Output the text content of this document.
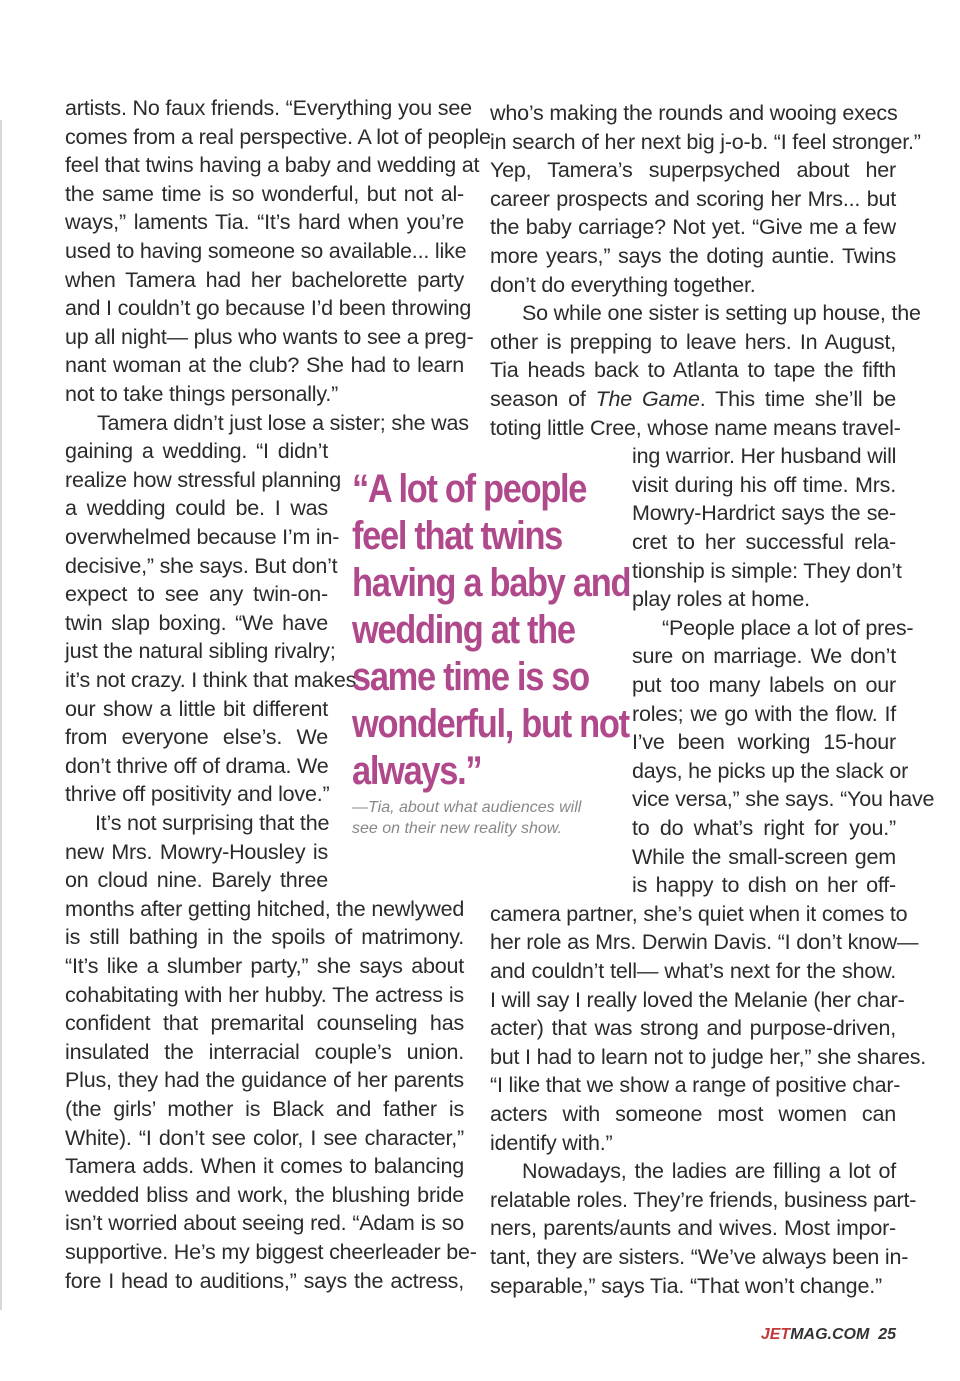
artists. No faux friends. “Everything you see
comes from a real perspective. A lot of people
feel that twins having a baby and wedding at
the same time is so wonderful, but not al-
ways,” laments Tia. “It’s hard when you’re
used to having someone so available... like
when Tamera had her bachelorette party
and I couldn’t go because I’d been throwing
up all night— plus who wants to see a preg-
nant woman at the club? She had to learn
not to take things personally.”
Tamera didn’t just lose a sister; she was
gaining a wedding. “I didn’t
realize how stressful planning
a wedding could be. I was
overwhelmed because I’m in-
decisive,” she says. But don’t
expect to see any twin-on-
twin slap boxing. “We have
just the natural sibling rivalry;
it’s not crazy. I think that makes
our show a little bit different
from everyone else’s. We
don’t thrive off of drama. We
thrive off positivity and love.”
It’s not surprising that the
new Mrs. Mowry-Housley is
on cloud nine. Barely three
months after getting hitched, the newlywed
is still bathing in the spoils of matrimony.
“It’s like a slumber party,” she says about
cohabitating with her hubby. The actress is
confident that premarital counseling has
insulated the interracial couple’s union.
Plus, they had the guidance of her parents
(the girls’ mother is Black and father is
White). “I don’t see color, I see character,”
Tamera adds. When it comes to balancing
wedded bliss and work, the blushing bride
isn’t worried about seeing red. “Adam is so
supportive. He’s my biggest cheerleader be-
fore I head to auditions,” says the actress,
who’s making the rounds and wooing execs
in search of her next big j-o-b. “I feel stronger.”
Yep, Tamera’s superpsyched about her
career prospects and scoring her Mrs... but
the baby carriage? Not yet. “Give me a few
more years,” says the doting auntie. Twins
don’t do everything together.
So while one sister is setting up house, the
other is prepping to leave hers. In August,
Tia heads back to Atlanta to tape the fifth
season of The Game. This time she’ll be
toting little Cree, whose name means travel-
ing warrior. Her husband will
visit during his off time. Mrs.
Mowry-Hardrict says the se-
cret to her successful rela-
tionship is simple: They don’t
play roles at home.
“People place a lot of pres-
sure on marriage. We don’t
put too many labels on our
roles; we go with the flow. If
I’ve been working 15-hour
days, he picks up the slack or
vice versa,” she says. “You have
to do what’s right for you.”
While the small-screen gem
is happy to dish on her off-
camera partner, she’s quiet when it comes to
her role as Mrs. Derwin Davis. “I don’t know—
and couldn’t tell— what’s next for the show.
I will say I really loved the Melanie (her char-
acter) that was strong and purpose-driven,
but I had to learn not to judge her,” she shares.
“I like that we show a range of positive char-
acters with someone most women can
identify with.”
Nowadays, the ladies are filling a lot of
relatable roles. They’re friends, business part-
ners, parents/aunts and wives. Most impor-
tant, they are sisters. “We’ve always been in-
separable,” says Tia. “That won’t change.”
“A lot of people
feel that twins
having a baby and
wedding at the
same time is so
wonderful, but not
always.”
—Tia, about what audiences will
see on their new reality show.
JETMAG.COM 25
